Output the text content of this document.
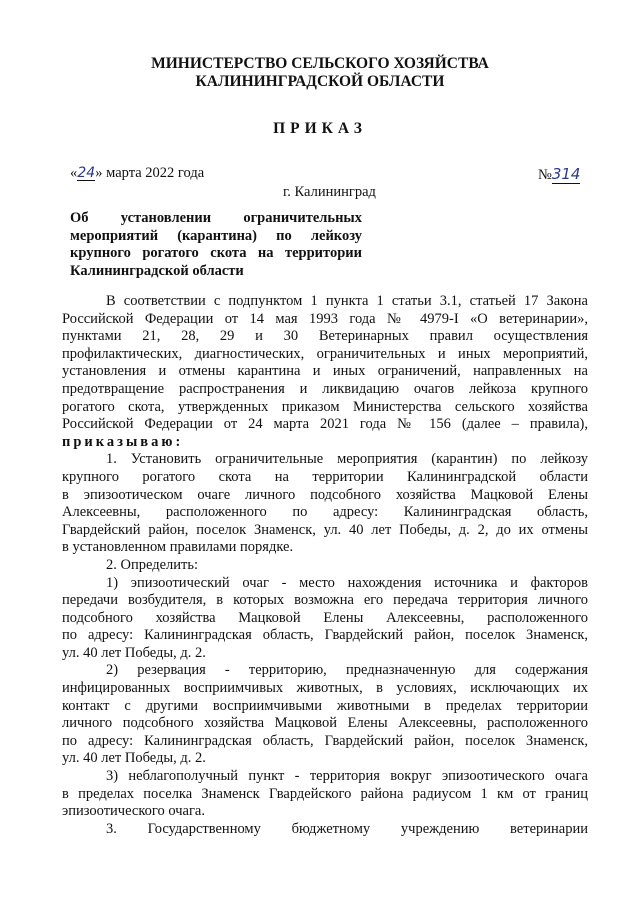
МИНИСТЕРСТВО СЕЛЬСКОГО ХОЗЯЙСТВА
КАЛИНИНГРАДСКОЙ ОБЛАСТИ
ПРИКАЗ
«24» марта 2022 года	№314
г. Калининград
Об установлении ограничительных
мероприятий (карантина) по лейкозу
крупного рогатого скота на территории
Калининградской области
В соответствии с подпунктом 1 пункта 1 статьи 3.1, статьей 17 Закона
Российской Федерации от 14 мая 1993 года № 4979-I «О ветеринарии»,
пунктами 21, 28, 29 и 30 Ветеринарных правил осуществления
профилактических, диагностических, ограничительных и иных мероприятий,
установления и отмены карантина и иных ограничений, направленных на
предотвращение распространения и ликвидацию очагов лейкоза крупного
рогатого скота, утвержденных приказом Министерства сельского хозяйства
Российской Федерации от 24 марта 2021 года № 156 (далее – правила),
приказываю:
1. Установить ограничительные мероприятия (карантин) по лейкозу
крупного рогатого скота на территории Калининградской области
в эпизоотическом очаге личного подсобного хозяйства Мацковой Елены
Алексеевны, расположенного по адресу: Калининградская область,
Гвардейский район, поселок Знаменск, ул. 40 лет Победы, д. 2, до их отмены
в установленном правилами порядке.
2. Определить:
1) эпизоотический очаг - место нахождения источника и факторов
передачи возбудителя, в которых возможна его передача территория личного
подсобного хозяйства Мацковой Елены Алексеевны, расположенного
по адресу: Калининградская область, Гвардейский район, поселок Знаменск,
ул. 40 лет Победы, д. 2.
2) резервация - территорию, предназначенную для содержания
инфицированных восприимчивых животных, в условиях, исключающих их
контакт с другими восприимчивыми животными в пределах территории
личного подсобного хозяйства Мацковой Елены Алексеевны, расположенного
по адресу: Калининградская область, Гвардейский район, поселок Знаменск,
ул. 40 лет Победы, д. 2.
3) неблагополучный пункт - территория вокруг эпизоотического очага
в пределах поселка Знаменск Гвардейского района радиусом 1 км от границ
эпизоотического очага.
3. Государственному бюджетному учреждению ветеринарии
